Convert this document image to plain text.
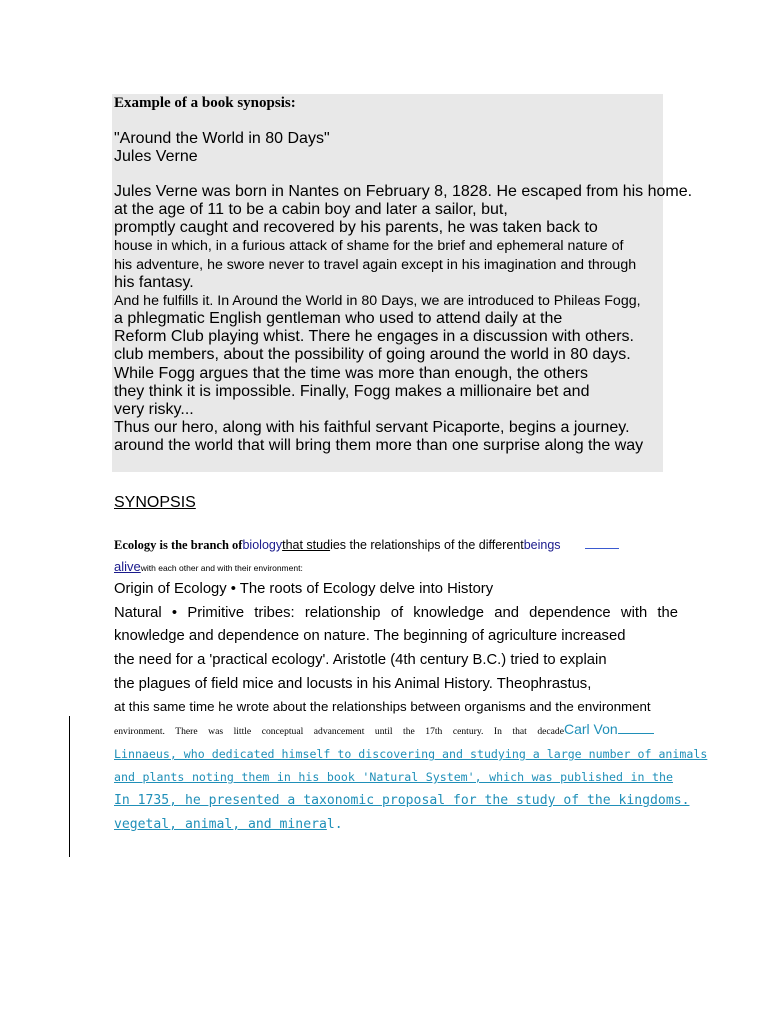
Example of a book synopsis:
"Around the World in 80 Days"
Jules Verne
Jules Verne was born in Nantes on February 8, 1828. He escaped from his home.
at the age of 11 to be a cabin boy and later a sailor, but,
promptly caught and recovered by his parents, he was taken back to
house in which, in a furious attack of shame for the brief and ephemeral nature of
his adventure, he swore never to travel again except in his imagination and through
his fantasy.
And he fulfills it. In Around the World in 80 Days, we are introduced to Phileas Fogg,
a phlegmatic English gentleman who used to attend daily at the
Reform Club playing whist. There he engages in a discussion with others.
club members, about the possibility of going around the world in 80 days.
While Fogg argues that the time was more than enough, the others
they think it is impossible. Finally, Fogg makes a millionaire bet and
very risky...
Thus our hero, along with his faithful servant Picaporte, begins a journey.
around the world that will bring them more than one surprise along the way
SYNOPSIS
Ecology is the branch ofbiologythat studies the relationships of the differentbeings
alivewith each other and with their environment:
Origin of Ecology • The roots of Ecology delve into History
Natural • Primitive tribes: relationship of knowledge and dependence with the
knowledge and dependence on nature. The beginning of agriculture increased
the need for a 'practical ecology'. Aristotle (4th century B.C.) tried to explain
the plagues of field mice and locusts in his Animal History. Theophrastus,
at this same time he wrote about the relationships between organisms and the environment
environment. There was little conceptual advancement until the 17th century. In that decadeCarl Von
Linnaeus, who dedicated himself to discovering and studying a large number of animals
and plants noting them in his book 'Natural System', which was published in the
In 1735, he presented a taxonomic proposal for the study of the kingdoms.
vegetal, animal, and mineral.
